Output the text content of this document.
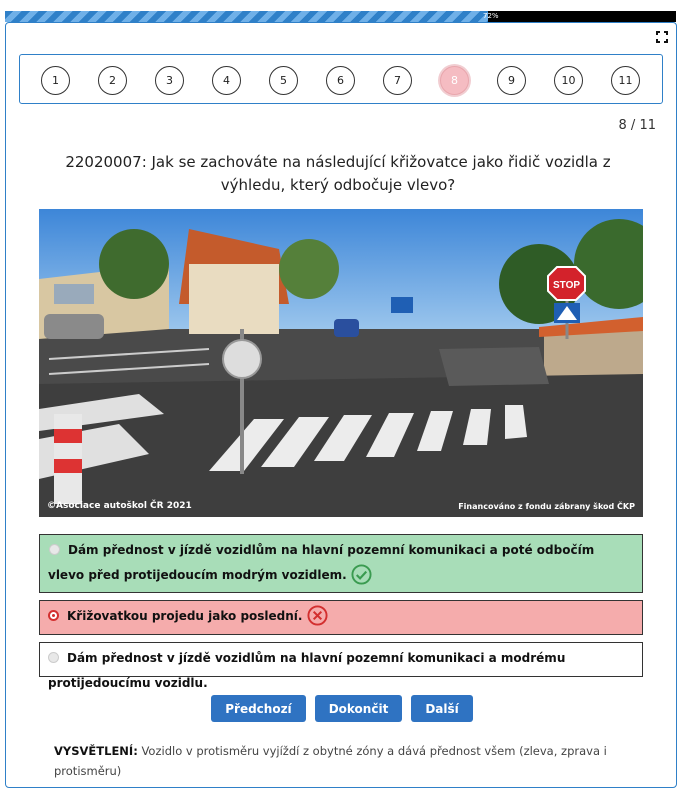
72%
1	2	3	4	5	6	7	8	9	10	11
8 / 11
22020007: Jak se zachováte na následující křižovatce jako řidič vozidla z výhledu, který odbočuje vlevo?
STOP
©Asociace autoškol ČR 2021	Financováno z fondu zábrany škod ČKP
Dám přednost v jízdě vozidlům na hlavní pozemní komunikaci a poté odbočím vlevo před protijedoucím modrým vozidlem.
Křižovatkou projedu jako poslední.
Dám přednost v jízdě vozidlům na hlavní pozemní komunikaci a modrému protijedoucímu vozidlu.
Předchozí	Dokončit	Další
VYSVĚTLENÍ: Vozidlo v protisměru vyjíždí z obytné zóny a dává přednost všem (zleva, zprava i protisměru)
